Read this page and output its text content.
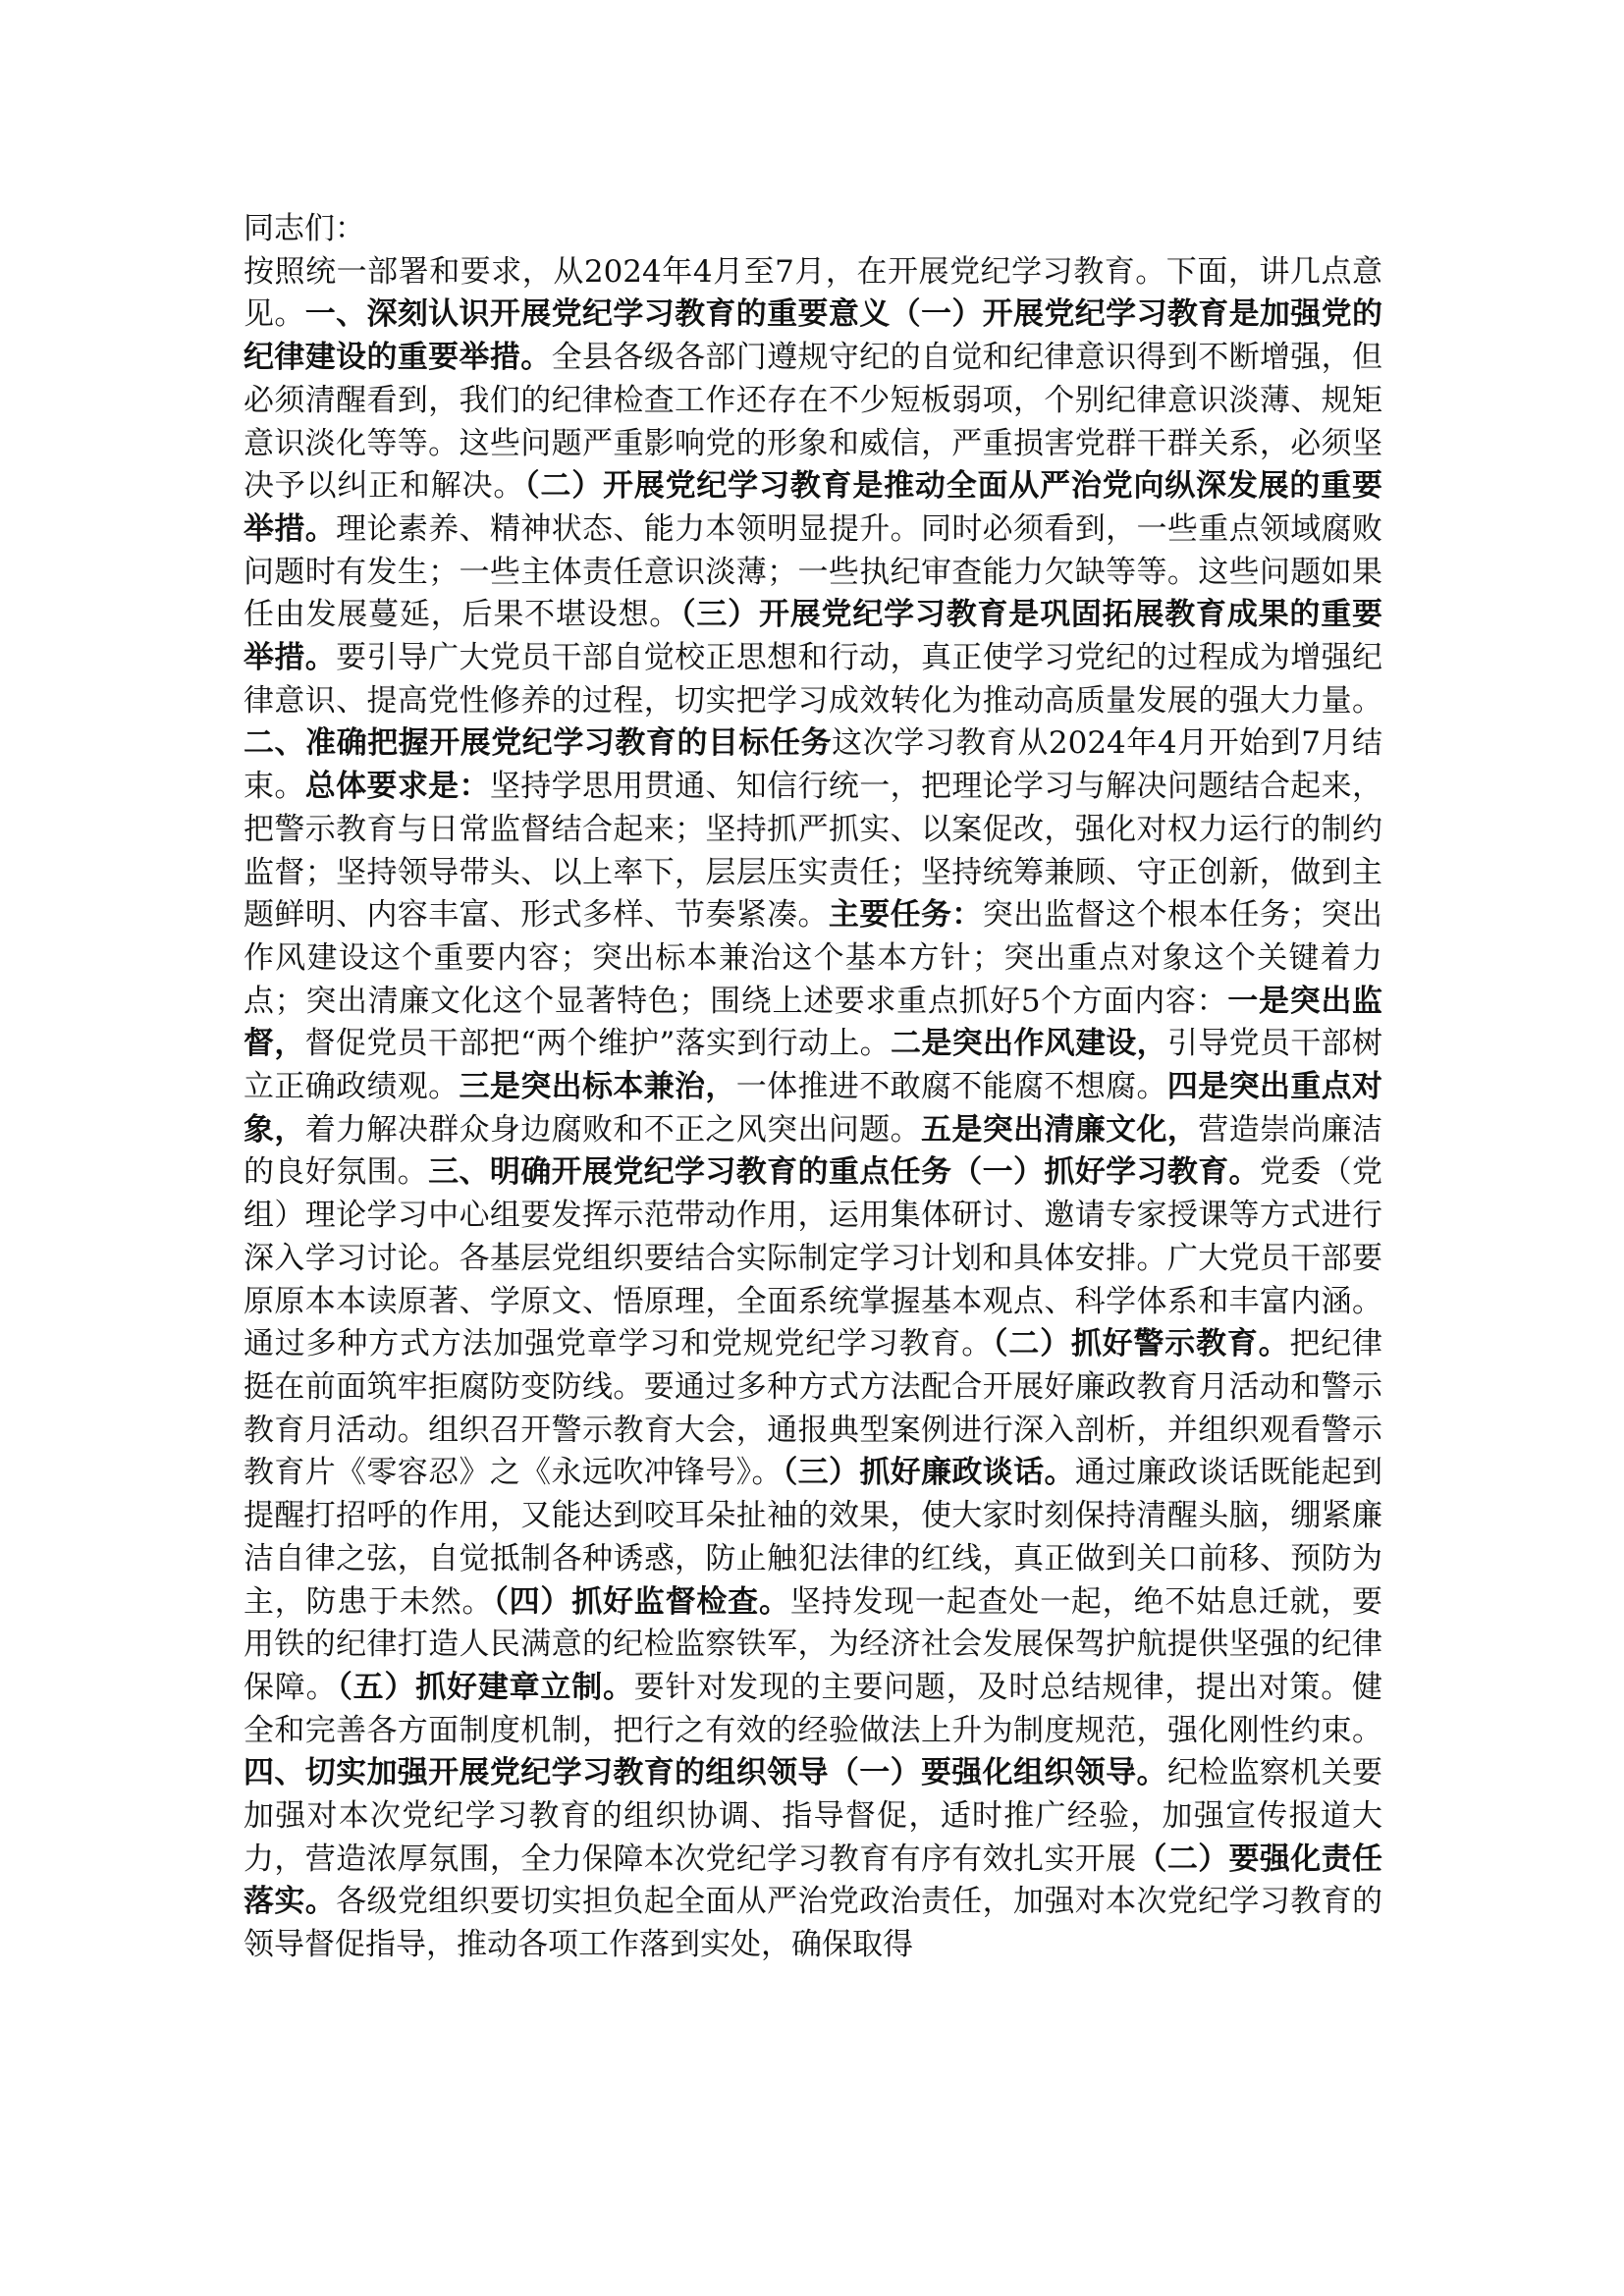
同志们：

按照统一部署和要求，从2024年4月至7月，在开展党纪学习教育。下面，讲几点意见。一、深刻认识开展党纪学习教育的重要意义（一）开展党纪学习教育是加强党的纪律建设的重要举措。全县各级各部门遵规守纪的自觉和纪律意识得到不断增强，但必须清醒看到，我们的纪律检查工作还存在不少短板弱项，个别纪律意识淡薄、规矩意识淡化等等。这些问题严重影响党的形象和威信，严重损害党群干群关系，必须坚决予以纠正和解决。（二）开展党纪学习教育是推动全面从严治党向纵深发展的重要举措。理论素养、精神状态、能力本领明显提升。同时必须看到，一些重点领域腐败问题时有发生；一些主体责任意识淡薄；一些执纪审查能力欠缺等等。这些问题如果任由发展蔓延，后果不堪设想。（三）开展党纪学习教育是巩固拓展教育成果的重要举措。要引导广大党员干部自觉校正思想和行动，真正使学习党纪的过程成为增强纪律意识、提高党性修养的过程，切实把学习成效转化为推动高质量发展的强大力量。二、准确把握开展党纪学习教育的目标任务这次学习教育从2024年4月开始到7月结束。总体要求是：坚持学思用贯通、知信行统一，把理论学习与解决问题结合起来，把警示教育与日常监督结合起来；坚持抓严抓实、以案促改，强化对权力运行的制约监督；坚持领导带头、以上率下，层层压实责任；坚持统筹兼顾、守正创新，做到主题鲜明、内容丰富、形式多样、节奏紧凑。主要任务：突出监督这个根本任务；突出作风建设这个重要内容；突出标本兼治这个基本方针；突出重点对象这个关键着力点；突出清廉文化这个显著特色；围绕上述要求重点抓好5个方面内容：一是突出监督，督促党员干部把“两个维护”落实到行动上。二是突出作风建设，引导党员干部树立正确政绩观。三是突出标本兼治，一体推进不敢腐不能腐不想腐。四是突出重点对象，着力解决群众身边腐败和不正之风突出问题。五是突出清廉文化，营造崇尚廉洁的良好氛围。三、明确开展党纪学习教育的重点任务（一）抓好学习教育。党委（党组）理论学习中心组要发挥示范带动作用，运用集体研讨、邀请专家授课等方式进行深入学习讨论。各基层党组织要结合实际制定学习计划和具体安排。广大党员干部要原原本本读原著、学原文、悟原理，全面系统掌握基本观点、科学体系和丰富内涵。通过多种方式方法加强党章学习和党规党纪学习教育。（二）抓好警示教育。把纪律挺在前面筑牢拒腐防变防线。要通过多种方式方法配合开展好廉政教育月活动和警示教育月活动。组织召开警示教育大会，通报典型案例进行深入剖析，并组织观看警示教育片《零容忍》之《永远吹冲锋号》。（三）抓好廉政谈话。通过廉政谈话既能起到提醒打招呼的作用，又能达到咬耳朵扯袖的效果，使大家时刻保持清醒头脑，绷紧廉洁自律之弦，自觉抵制各种诱惑，防止触犯法律的红线，真正做到关口前移、预防为主，防患于未然。（四）抓好监督检查。坚持发现一起查处一起，绝不姑息迁就，要用铁的纪律打造人民满意的纪检监察铁军，为经济社会发展保驾护航提供坚强的纪律保障。（五）抓好建章立制。要针对发现的主要问题，及时总结规律，提出对策。健全和完善各方面制度机制，把行之有效的经验做法上升为制度规范，强化刚性约束。四、切实加强开展党纪学习教育的组织领导（一）要强化组织领导。纪检监察机关要加强对本次党纪学习教育的组织协调、指导督促，适时推广经验，加强宣传报道大力，营造浓厚氛围，全力保障本次党纪学习教育有序有效扎实开展（二）要强化责任落实。各级党组织要切实担负起全面从严治党政治责任，加强对本次党纪学习教育的领导督促指导，推动各项工作落到实处，确保取得
